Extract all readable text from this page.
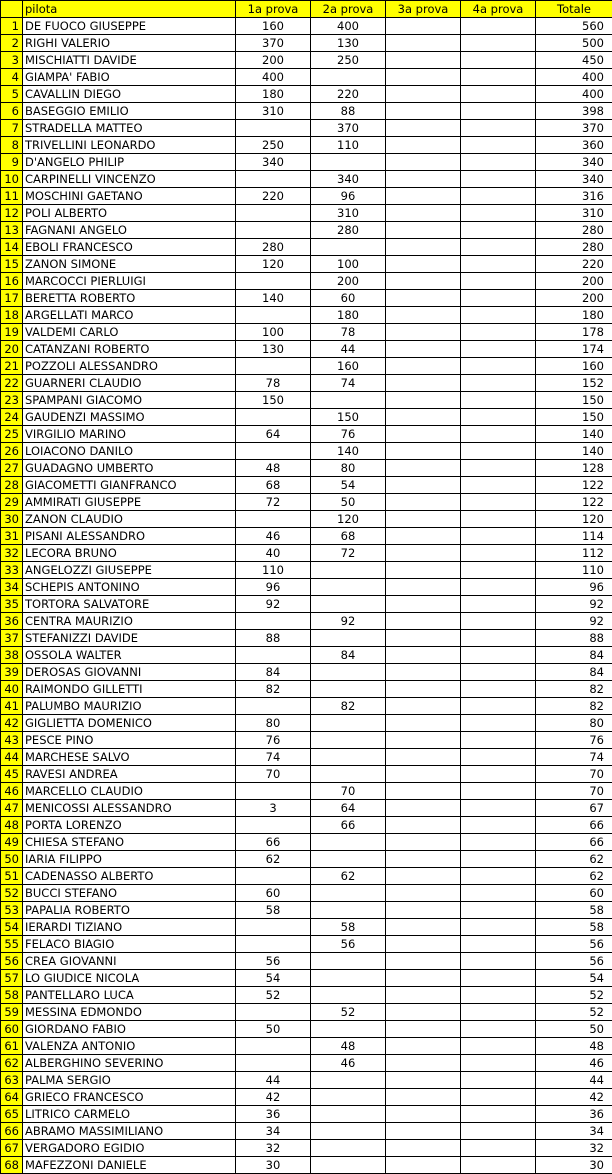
	pilota	1a prova	2a prova	3a prova	4a prova	Totale
1	DE FUOCO GIUSEPPE	160	400			560
2	RIGHI VALERIO	370	130			500
3	MISCHIATTI DAVIDE	200	250			450
4	GIAMPA' FABIO	400				400
5	CAVALLIN DIEGO	180	220			400
6	BASEGGIO EMILIO	310	88			398
7	STRADELLA MATTEO		370			370
8	TRIVELLINI LEONARDO	250	110			360
9	D'ANGELO PHILIP	340				340
10	CARPINELLI VINCENZO		340			340
11	MOSCHINI GAETANO	220	96			316
12	POLI ALBERTO		310			310
13	FAGNANI ANGELO		280			280
14	EBOLI FRANCESCO	280				280
15	ZANON SIMONE	120	100			220
16	MARCOCCI PIERLUIGI		200			200
17	BERETTA ROBERTO	140	60			200
18	ARGELLATI MARCO		180			180
19	VALDEMI CARLO	100	78			178
20	CATANZANI ROBERTO	130	44			174
21	POZZOLI ALESSANDRO		160			160
22	GUARNERI CLAUDIO	78	74			152
23	SPAMPANI GIACOMO	150				150
24	GAUDENZI MASSIMO		150			150
25	VIRGILIO MARINO	64	76			140
26	LOIACONO DANILO		140			140
27	GUADAGNO UMBERTO	48	80			128
28	GIACOMETTI GIANFRANCO	68	54			122
29	AMMIRATI GIUSEPPE	72	50			122
30	ZANON CLAUDIO		120			120
31	PISANI ALESSANDRO	46	68			114
32	LECORA BRUNO	40	72			112
33	ANGELOZZI GIUSEPPE	110				110
34	SCHEPIS ANTONINO	96				96
35	TORTORA SALVATORE	92				92
36	CENTRA MAURIZIO		92			92
37	STEFANIZZI DAVIDE	88				88
38	OSSOLA WALTER		84			84
39	DEROSAS GIOVANNI	84				84
40	RAIMONDO GILLETTI	82				82
41	PALUMBO MAURIZIO		82			82
42	GIGLIETTA DOMENICO	80				80
43	PESCE PINO	76				76
44	MARCHESE SALVO	74				74
45	RAVESI ANDREA	70				70
46	MARCELLO CLAUDIO		70			70
47	MENICOSSI ALESSANDRO	3	64			67
48	PORTA LORENZO		66			66
49	CHIESA STEFANO	66				66
50	IARIA FILIPPO	62				62
51	CADENASSO ALBERTO		62			62
52	BUCCI STEFANO	60				60
53	PAPALIA ROBERTO	58				58
54	IERARDI TIZIANO		58			58
55	FELACO BIAGIO		56			56
56	CREA GIOVANNI	56				56
57	LO GIUDICE NICOLA	54				54
58	PANTELLARO LUCA	52				52
59	MESSINA EDMONDO		52			52
60	GIORDANO FABIO	50				50
61	VALENZA ANTONIO		48			48
62	ALBERGHINO SEVERINO		46			46
63	PALMA SERGIO	44				44
64	GRIECO FRANCESCO	42				42
65	LITRICO CARMELO	36				36
66	ABRAMO MASSIMILIANO	34				34
67	VERGADORO EGIDIO	32				32
68	MAFEZZONI DANIELE	30				30
